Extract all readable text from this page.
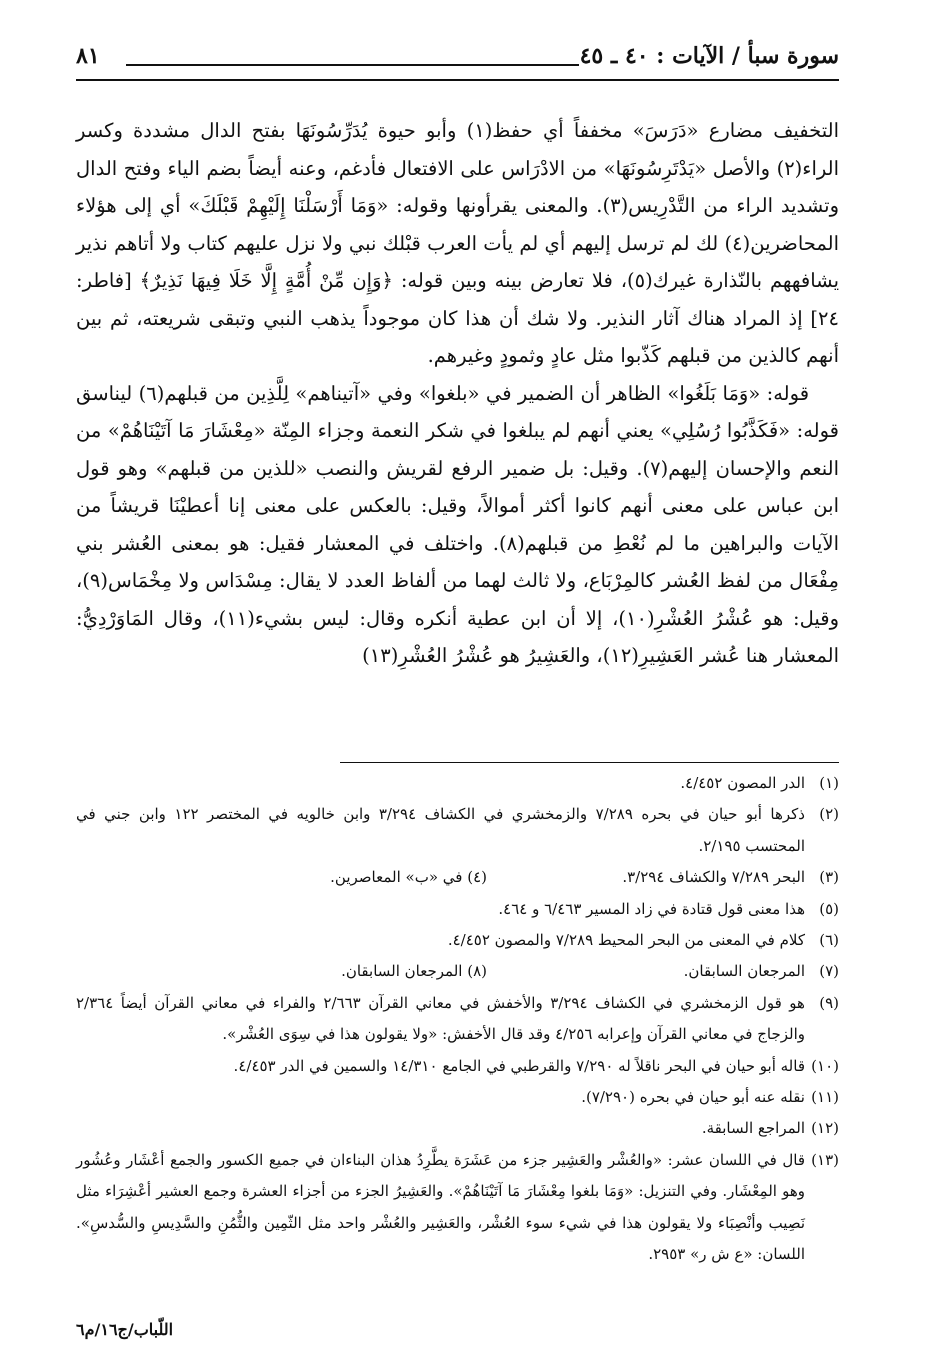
سورة سبأ / الآيات : ٤٠ ـ ٤٥
٨١

التخفيف مضارع «دَرَسَ» مخففاً أي حفظ(١) وأبو حيوة يُدَرِّسُونَهَا بفتح الدال مشددة وكسر الراء(٢) والأصل «يَدْتَرِسُونَهَا» من الادْرَاس على الافتعال فأدغم، وعنه أيضاً بضم الياء وفتح الدال وتشديد الراء من التَّدْرِيس(٣). والمعنى يقرأونها وقوله: «وَمَا أَرْسَلْنَا إِلَيْهِمْ قَبْلَكَ» أي إلى هؤلاء المحاضرين(٤) لك لم ترسل إليهم أي لم يأت العرب قبْلك نبي ولا نزل عليهم كتاب ولا أتاهم نذير يشافههم بالنّذارة غيرك(٥)، فلا تعارض بينه وبين قوله: ﴿وَإِن مِّنْ أُمَّةٍ إِلَّا خَلَا فِيهَا نَذِيرٌ﴾ [فاطر: ٢٤] إذ المراد هناك آثار النذير. ولا شك أن هذا كان موجوداً يذهب النبي وتبقى شريعته، ثم بين أنهم كالذين من قبلهم كَذّبوا مثل عادٍ وثمودٍ وغيرهم.

قوله: «وَمَا بَلَغُوا» الظاهر أن الضمير في «بلغوا» وفي «آتيناهم» لِلَّذِين من قبلهم(٦) ليناسق قوله: «فَكَذَّبُوا رُسُلِي» يعني أنهم لم يبلغوا في شكر النعمة وجزاء المِنّة «مِعْشَارَ مَا آتَيْنَاهُمْ» من النعم والإحسان إليهم(٧). وقيل: بل ضمير الرفع لقريش والنصب «للذين من قبلهم» وهو قول ابن عباس على معنى أنهم كانوا أكثر أموالاً، وقيل: بالعكس على معنى إنا أعطيْنَا قريشاً من الآيات والبراهين ما لم نُعْطِ من قبلهم(٨). واختلف في المعشار فقيل: هو بمعنى العُشر بني مِفْعَال من لفظ العُشر كالمِرْبَاع، ولا ثالث لهما من ألفاظ العدد لا يقال: مِسْدَاس ولا مِخْمَاس(٩)، وقيل: هو عُشْرُ العُشْرِ(١٠)، إلا أن ابن عطية أنكره وقال: ليس بشيء(١١)، وقال المَاوَرْدِيُّ: المعشار هنا عُشر العَشِيرِ(١٢)، والعَشِيرُ هو عُشْرُ العُشْرِ(١٣)

(١)
الدر المصون ٤/٤٥٢.
(٢)
ذكرها أبو حيان في بحره ٧/٢٨٩ والزمخشري في الكشاف ٣/٢٩٤ وابن خالويه في المختصر ١٢٢ وابن جني في المحتسب ٢/١٩٥.
(٣)
البحر ٧/٢٨٩ والكشاف ٣/٢٩٤.
(٤) في «ب» المعاصرين.
(٥)
هذا معنى قول قتادة في زاد المسير ٦/٤٦٣ و ٤٦٤.
(٦)
كلام في المعنى من البحر المحيط ٧/٢٨٩ والمصون ٤/٤٥٢.
(٧)
المرجعان السابقان.
(٨) المرجعان السابقان.
(٩)
هو قول الزمخشري في الكشاف ٣/٢٩٤ والأخفش في معاني القرآن ٢/٦٦٣ والفراء في معاني القرآن أيضاً ٢/٣٦٤ والزجاج في معاني القرآن وإعرابه ٤/٢٥٦ وقد قال الأخفش: «ولا يقولون هذا في سِوَى العُشْر».
(١٠)
قاله أبو حيان في البحر ناقلاً له ٧/٢٩٠ والقرطبي في الجامع ١٤/٣١٠ والسمين في الدر ٤/٤٥٣.
(١١)
نقله عنه أبو حيان في بحره (٧/٢٩٠).
(١٢)
المراجع السابقة.
(١٣)
قال في اللسان عشر: «والعُشْر والعَشِير جزء من عَشَرَة يطَّرِدُ هذان البناءان في جميع الكسور والجمع أعْشَار وعُشُور وهو المِعْشَار. وفي التنزيل: «وَمَا بلغوا مِعْشَارَ مَا آتَيْنَاهُمْ». والعَشِيرُ الجزء من أجزاء العشرة وجمع العشير أعْشِرَاء مثل نَصِيب وأنْصِبَاء ولا يقولون هذا في شيء سوء العُشْر، والعَشِير والعُشْر واحد مثل الثّمِين والثُّمُنِ والسَّدِيسِ والسُّدسِ». اللسان: «ع ش ر» ٢٩٥٣.
اللّباب/ج١٦/م٦
